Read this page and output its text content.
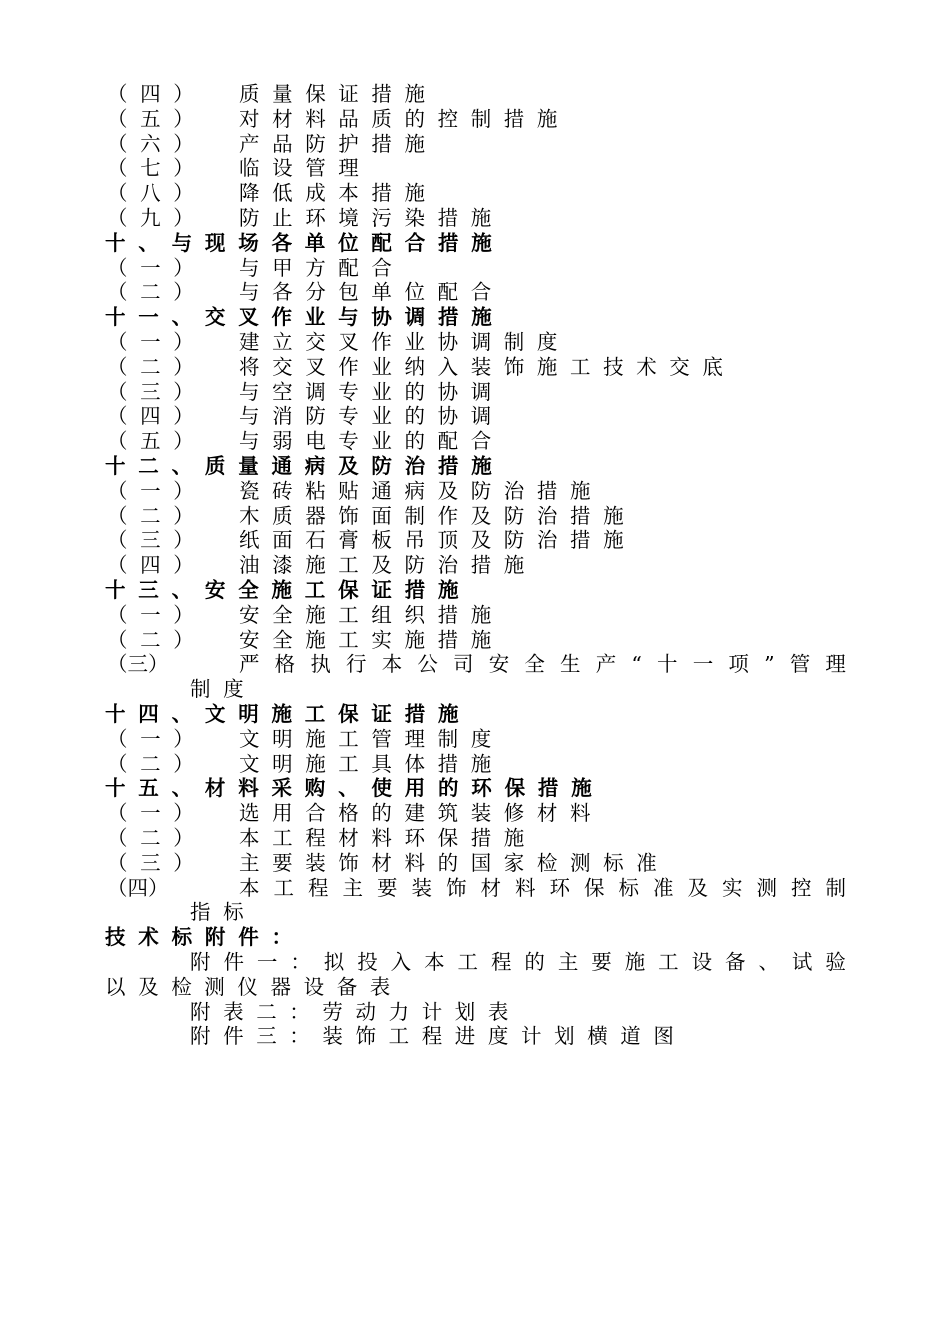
（四） 质量保证措施
（五） 对材料品质的控制措施
（六） 产品防护措施
（七） 临设管理
（八） 降低成本措施
（九） 防止环境污染措施
十、与现场各单位配合措施
（一） 与甲方配合
（二） 与各分包单位配合
十一、交叉作业与协调措施
（一） 建立交叉作业协调制度
（二） 将交叉作业纳入装饰施工技术交底
（三） 与空调专业的协调
（四） 与消防专业的协调
（五） 与弱电专业的配合
十二、质量通病及防治措施
（一） 瓷砖粘贴通病及防治措施
（二） 木质器饰面制作及防治措施
（三） 纸面石膏板吊顶及防治措施
（四） 油漆施工及防治措施
十三、安全施工保证措施
（一） 安全施工组织措施
（二） 安全施工实施措施
（三）	严 格 执 行 本 公 司 安 全 生 产 “ 十 一 项 ” 管 理
制度
十四、文明施工保证措施
（一） 文明施工管理制度
（二） 文明施工具体措施
十五、材料采购、使用的环保措施
（一） 选用合格的建筑装修材料
（二） 本工程材料环保措施
（三） 主要装饰材料的国家检测标准
（四）	本 工 程 主 要 装 饰 材 料 环 保 标 准 及 实 测 控 制
指标
技术标附件：
附 件 一 ： 拟 投 入 本 工 程 的 主 要 施 工 设 备 、 试 验
以及检测仪器设备表
附表二：劳动力计划表
附件三：装饰工程进度计划横道图
